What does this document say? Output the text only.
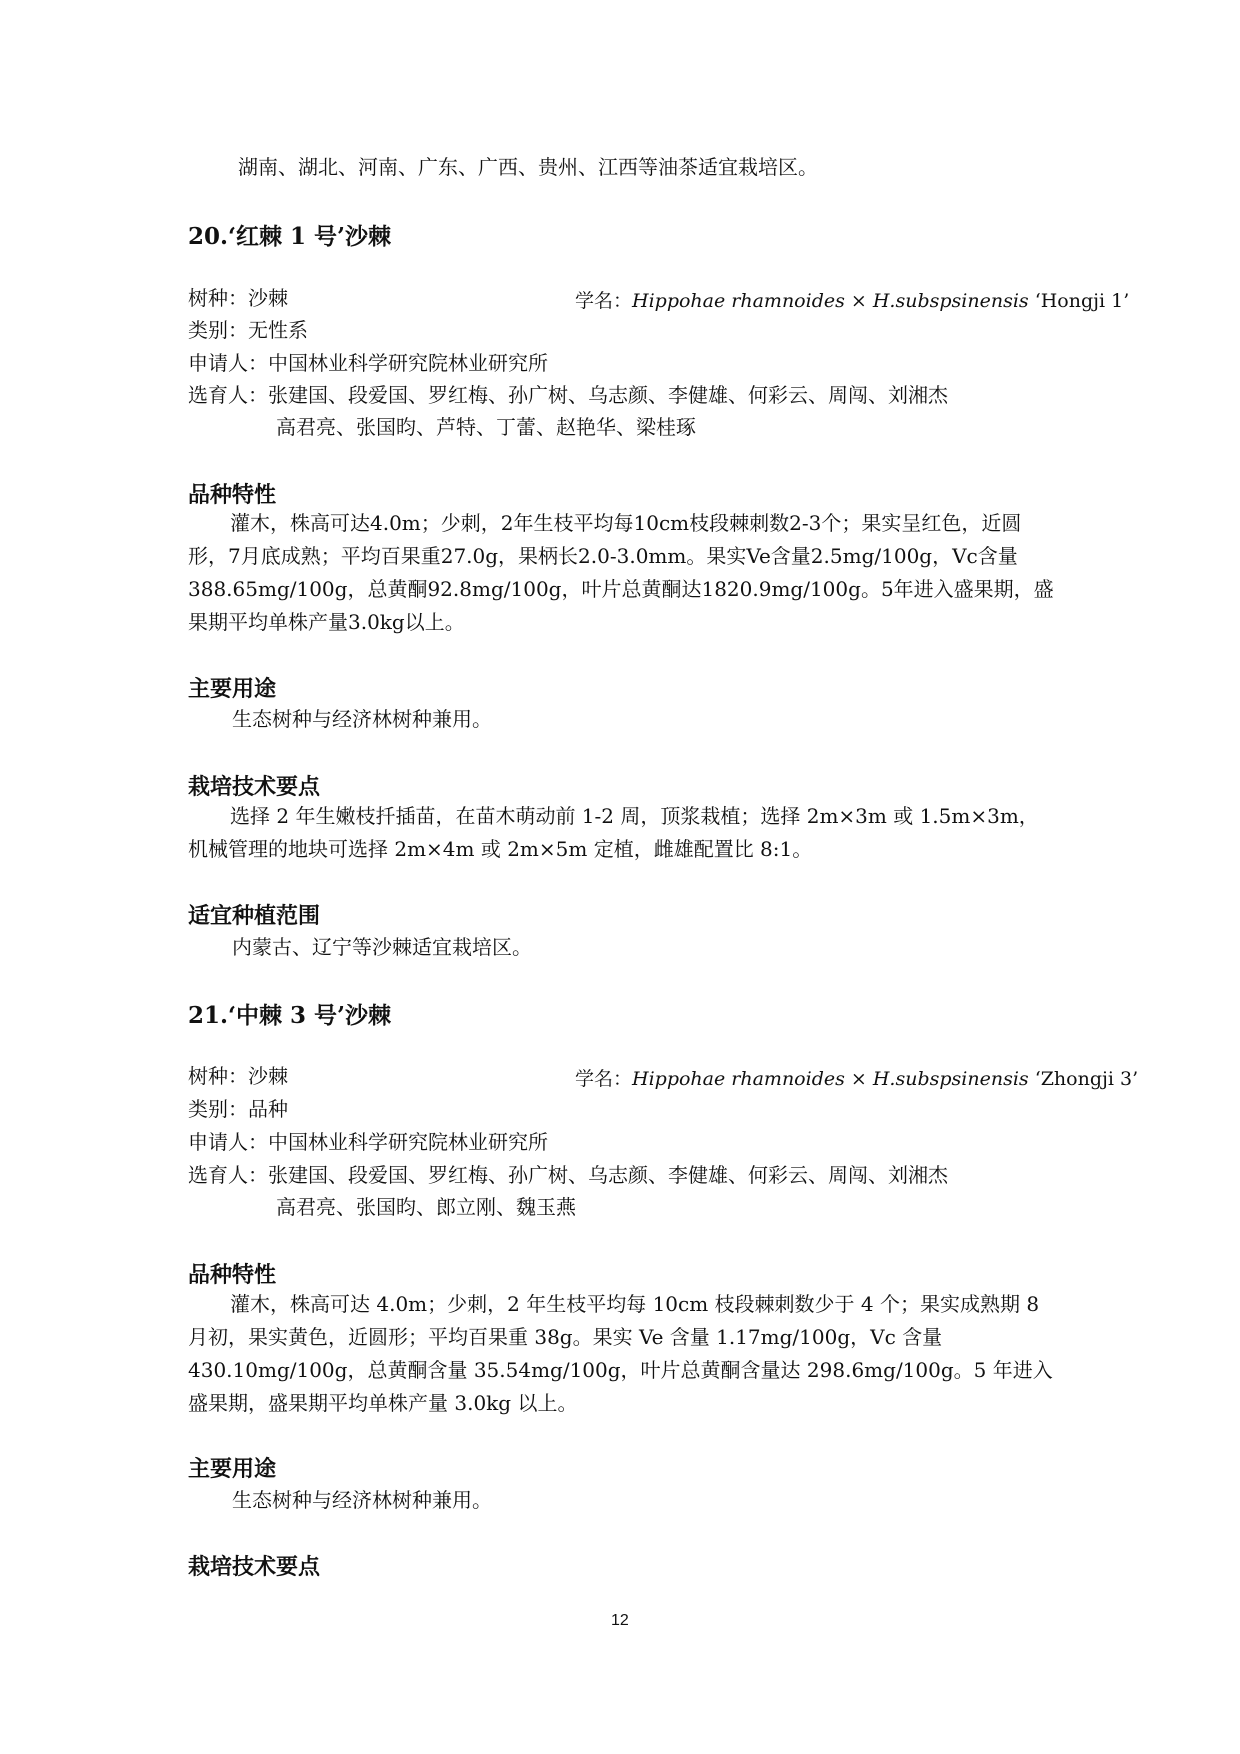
湖南、湖北、河南、广东、广西、贵州、江西等油茶适宜栽培区。
20.‘红棘 1 号’沙棘
树种：沙棘	学名：Hippohae rhamnoides × H.subspsinensis ‘Hongji 1’
类别：无性系
申请人：中国林业科学研究院林业研究所
选育人：张建国、段爱国、罗红梅、孙广树、乌志颜、李健雄、何彩云、周闯、刘湘杰
高君亮、张国昀、芦特、丁蕾、赵艳华、梁桂琢
品种特性
灌木，株高可达4.0m；少刺，2年生枝平均每10cm枝段棘刺数2-3个；果实呈红色，近圆形，7月底成熟；平均百果重27.0g，果柄长2.0-3.0mm。果实Ve含量2.5mg/100g，Vc含量388.65mg/100g，总黄酮92.8mg/100g，叶片总黄酮达1820.9mg/100g。5年进入盛果期，盛果期平均单株产量3.0kg以上。
主要用途
生态树种与经济林树种兼用。
栽培技术要点
选择 2 年生嫩枝扦插苗，在苗木萌动前 1-2 周，顶浆栽植；选择 2m×3m 或 1.5m×3m，机械管理的地块可选择 2m×4m 或 2m×5m 定植，雌雄配置比 8:1。
适宜种植范围
内蒙古、辽宁等沙棘适宜栽培区。
21.‘中棘 3 号’沙棘
树种：沙棘	学名：Hippohae rhamnoides × H.subspsinensis ‘Zhongji 3’
类别：品种
申请人：中国林业科学研究院林业研究所
选育人：张建国、段爱国、罗红梅、孙广树、乌志颜、李健雄、何彩云、周闯、刘湘杰
高君亮、张国昀、郎立刚、魏玉燕
品种特性
灌木，株高可达 4.0m；少刺，2 年生枝平均每 10cm 枝段棘刺数少于 4 个；果实成熟期 8 月初，果实黄色，近圆形；平均百果重 38g。果实 Ve 含量 1.17mg/100g，Vc 含量 430.10mg/100g，总黄酮含量 35.54mg/100g，叶片总黄酮含量达 298.6mg/100g。5 年进入盛果期，盛果期平均单株产量 3.0kg 以上。
主要用途
生态树种与经济林树种兼用。
栽培技术要点
12
